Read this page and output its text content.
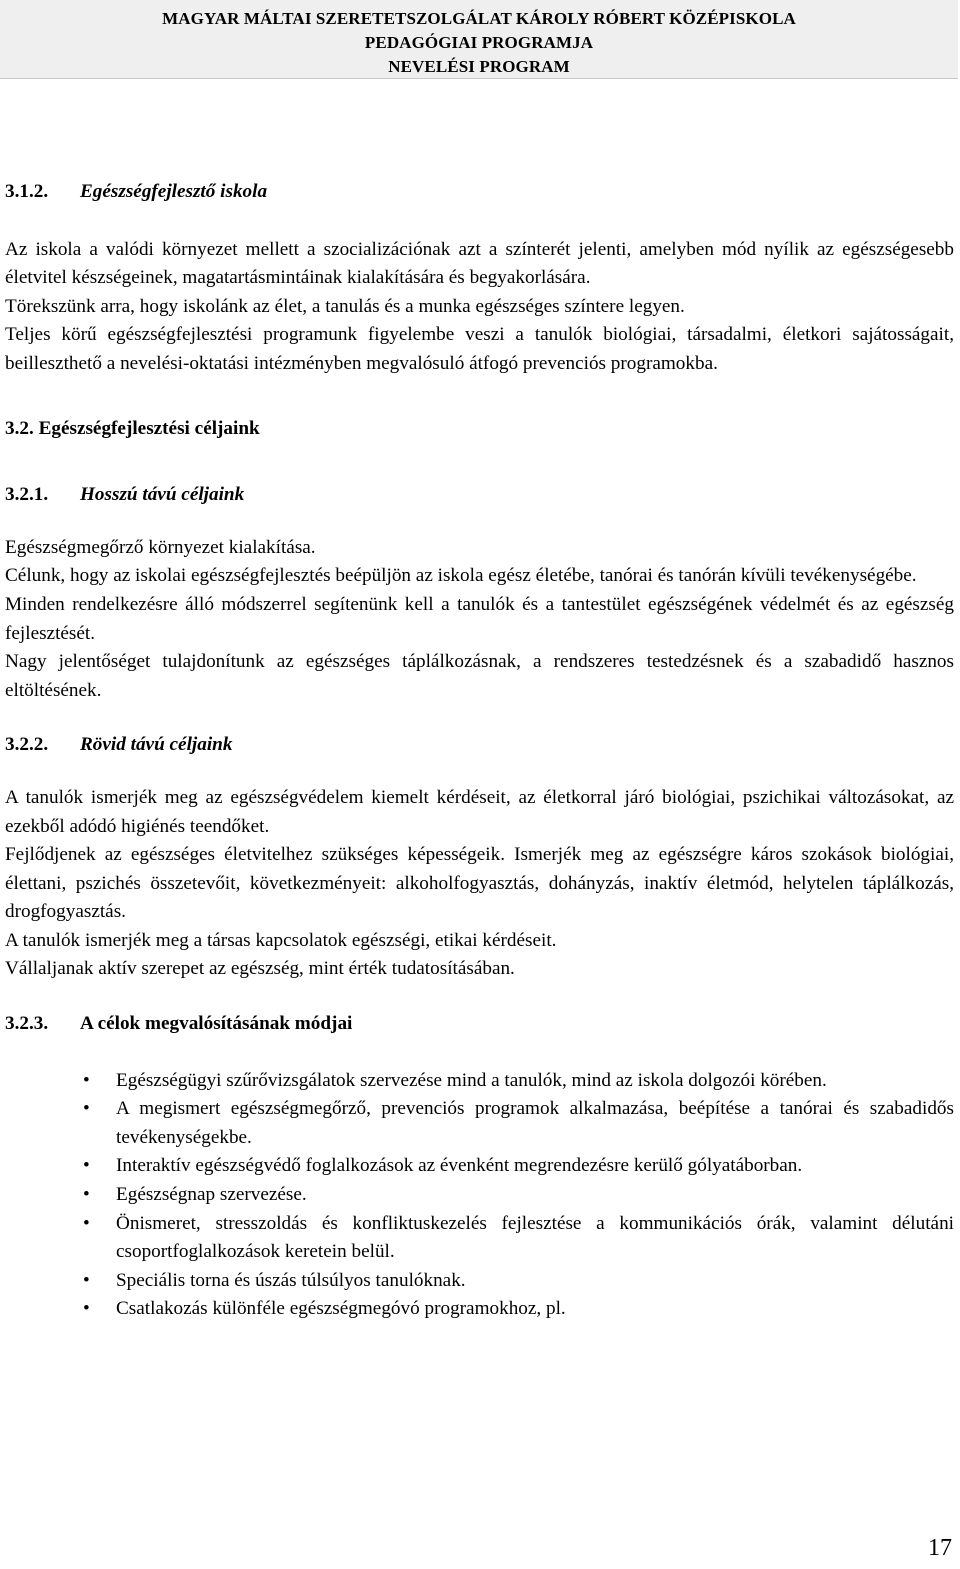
MAGYAR MÁLTAI SZERETETSZOLGÁLAT KÁROLY RÓBERT KÖZÉPISKOLA
PEDAGÓGIAI PROGRAMJA
NEVELÉSI PROGRAM

3.1.2. Egészségfejlesztő iskola

Az iskola a valódi környezet mellett a szocializációnak azt a színterét jelenti, amelyben mód nyílik az egészségesebb életvitel készségeinek, magatartásmintáinak kialakítására és begyakorlására.

Törekszünk arra, hogy iskolánk az élet, a tanulás és a munka egészséges színtere legyen.

Teljes körű egészségfejlesztési programunk figyelembe veszi a tanulók biológiai, társadalmi, életkori sajátosságait, beilleszthető a nevelési-oktatási intézményben megvalósuló átfogó prevenciós programokba.

3.2. Egészségfejlesztési céljaink

3.2.1. Hosszú távú céljaink

Egészségmegőrző környezet kialakítása.

Célunk, hogy az iskolai egészségfejlesztés beépüljön az iskola egész életébe, tanórai és tanórán kívüli tevékenységébe.

Minden rendelkezésre álló módszerrel segítenünk kell a tanulók és a tantestület egészségének védelmét és az egészség fejlesztését.

Nagy jelentőséget tulajdonítunk az egészséges táplálkozásnak, a rendszeres testedzésnek és a szabadidő hasznos eltöltésének.

3.2.2. Rövid távú céljaink

A tanulók ismerjék meg az egészségvédelem kiemelt kérdéseit, az életkorral járó biológiai, pszichikai változásokat, az ezekből adódó higiénés teendőket.

Fejlődjenek az egészséges életvitelhez szükséges képességeik. Ismerjék meg az egészségre káros szokások biológiai, élettani, pszichés összetevőit, következményeit: alkoholfogyasztás, dohányzás, inaktív életmód, helytelen táplálkozás, drogfogyasztás.

A tanulók ismerjék meg a társas kapcsolatok egészségi, etikai kérdéseit.

Vállaljanak aktív szerepet az egészség, mint érték tudatosításában.

3.2.3. A célok megvalósításának módjai

• Egészségügyi szűrővizsgálatok szervezése mind a tanulók, mind az iskola dolgozói körében.
• A megismert egészségmegőrző, prevenciós programok alkalmazása, beépítése a tanórai és szabadidős tevékenységekbe.
• Interaktív egészségvédő foglalkozások az évenként megrendezésre kerülő gólyatáborban.
• Egészségnap szervezése.
• Önismeret, stresszoldás és konfliktuskezelés fejlesztése a kommunikációs órák, valamint délutáni csoportfoglalkozások keretein belül.
• Speciális torna és úszás túlsúlyos tanulóknak.
• Csatlakozás különféle egészségmegóvó programokhoz, pl.
17
